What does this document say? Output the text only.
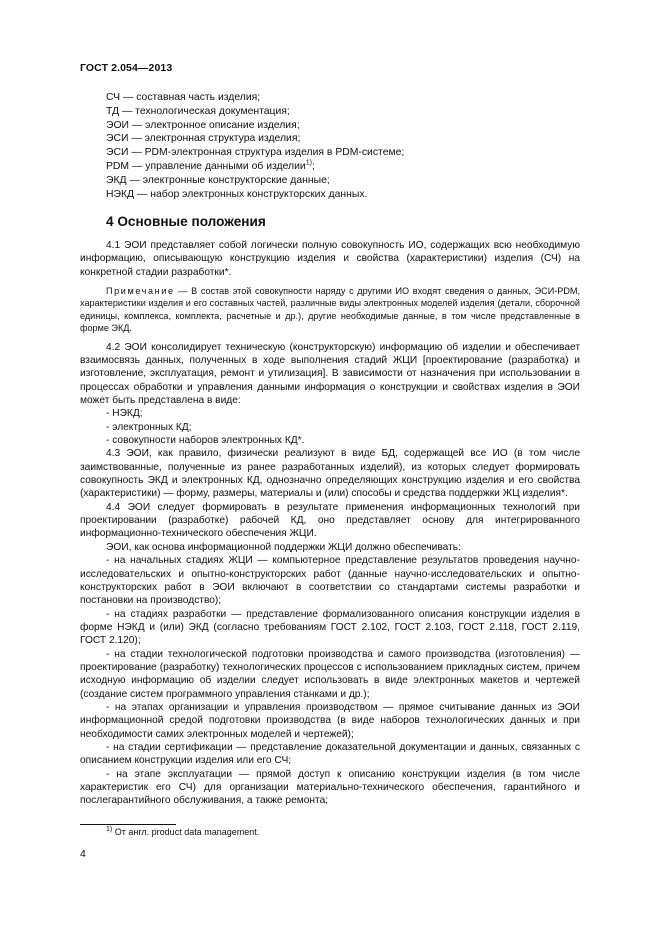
ГОСТ 2.054—2013
СЧ — составная часть изделия;
ТД — технологическая документация;
ЭОИ — электронное описание изделия;
ЭСИ — электронная структура изделия;
ЭСИ — PDM-электронная структура изделия в PDM-системе;
PDM — управление данными об изделии$^{1)}$;
ЭКД — электронные конструкторские данные;
НЭКД — набор электронных конструкторских данных.
4 Основные положения

4.1 ЭОИ представляет собой логически полную совокупность ИО, содержащих всю необходимую информацию, описывающую конструкцию изделия и свойства (характеристики) изделия (СЧ) на конкретной стадии разработки*.

Примечание — В состав этой совокупности наряду с другими ИО входят сведения о данных, ЭСИ-PDM, характеристики изделия и его составных частей, различные виды электронных моделей изделия (детали, сборочной единицы, комплекса, комплекта, расчетные и др.), другие необходимые данные, в том числе представленные в форме ЭКД.

4.2 ЭОИ консолидирует техническую (конструкторскую) информацию об изделии и обеспечивает взаимосвязь данных, полученных в ходе выполнения стадий ЖЦИ [проектирование (разработка) и изготовление, эксплуатация, ремонт и утилизация]. В зависимости от назначения при использовании в процессах обработки и управления данными информация о конструкции и свойствах изделия в ЭОИ может быть представлена в виде:

- НЭКД;

- электронных КД;

- совокупности наборов электронных КД*.

4.3 ЭОИ, как правило, физически реализуют в виде БД, содержащей все ИО (в том числе заимствованные, полученные из ранее разработанных изделий), из которых следует формировать совокупность ЭКД и электронных КД, однозначно определяющих конструкцию изделия и его свойства (характеристики) — форму, размеры, материалы и (или) способы и средства поддержки ЖЦ изделия*.

4.4 ЭОИ следует формировать в результате применения информационных технологий при проектировании (разработке) рабочей КД, оно представляет основу для интегрированного информационно-технического обеспечения ЖЦИ.

ЭОИ, как основа информационной поддержки ЖЦИ должно обеспечивать:

- на начальных стадиях ЖЦИ — компьютерное представление результатов проведения научно-исследовательских и опытно-конструкторских работ (данные научно-исследовательских и опытно-конструкторских работ в ЭОИ включают в соответствии со стандартами системы разработки и постановки на производство);

- на стадиях разработки — представление формализованного описания конструкции изделия в форме НЭКД и (или) ЭКД (согласно требованиям ГОСТ 2.102, ГОСТ 2.103, ГОСТ 2.118, ГОСТ 2.119, ГОСТ 2.120);

- на стадии технологической подготовки производства и самого производства (изготовления) — проектирование (разработку) технологических процессов с использованием прикладных систем, причем исходную информацию об изделии следует использовать в виде электронных макетов и чертежей (создание систем программного управления станками и др.);

- на этапах организации и управления производством — прямое считывание данных из ЭОИ информационной средой подготовки производства (в виде наборов технологических данных и при необходимости самих электронных моделей и чертежей);

- на стадии сертификации — представление доказательной документации и данных, связанных с описанием конструкции изделия или его СЧ;

- на этапе эксплуатации — прямой доступ к описанию конструкции изделия (в том числе характеристик его СЧ) для организации материально-технического обеспечения, гарантийного и послегарантийного обслуживания, а также ремонта;

$^{1)}$ От англ. product data management.
4
